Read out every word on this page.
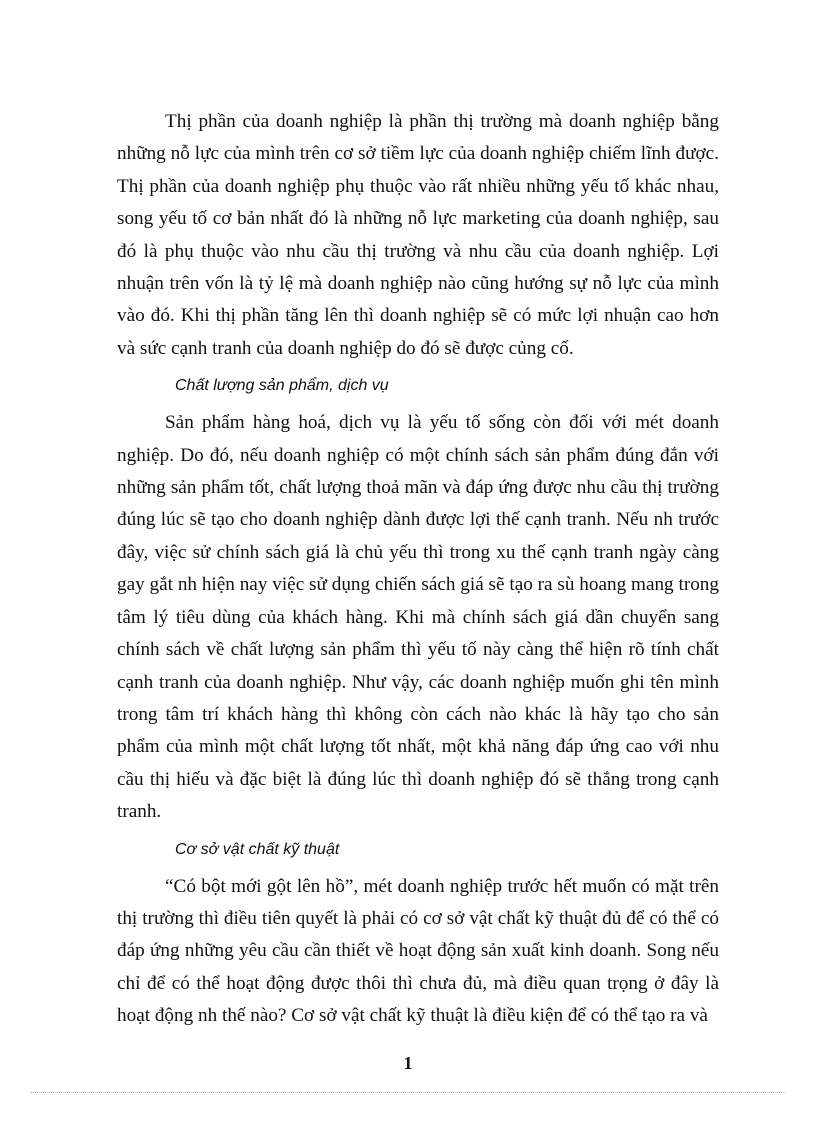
Thị phần của doanh nghiệp là phần thị trường mà doanh nghiệp bằng những nỗ lực của mình trên cơ sở tiềm lực của doanh nghiệp chiếm lĩnh được. Thị phần của doanh nghiệp phụ thuộc vào rất nhiều những yếu tố khác nhau, song yếu tố cơ bản nhất đó là những nỗ lực marketing của doanh nghiệp, sau đó là phụ thuộc vào nhu cầu thị trường và nhu cầu của doanh nghiệp. Lợi nhuận trên vốn là tỷ lệ mà doanh nghiệp nào cũng hướng sự nỗ lực của mình vào đó. Khi thị phần tăng lên thì doanh nghiệp sẽ có mức lợi nhuận cao hơn và sức cạnh tranh của doanh nghiệp do đó sẽ được củng cố.

Chất lượng sản phẩm, dịch vụ

Sản phẩm hàng hoá, dịch vụ là yếu tố sống còn đối với mét doanh nghiệp. Do đó, nếu doanh nghiệp có một chính sách sản phẩm đúng đắn với những sản phẩm tốt, chất lượng thoả mãn và đáp ứng được nhu cầu thị trường đúng lúc sẽ tạo cho doanh nghiệp dành được lợi thế cạnh tranh. Nếu nh trước đây, việc sử chính sách giá là chủ yếu thì trong xu thế cạnh tranh ngày càng gay gắt nh hiện nay việc sử dụng chiến sách giá sẽ tạo ra sù hoang mang trong tâm lý tiêu dùng của khách hàng. Khi mà chính sách giá dần chuyển sang chính sách về chất lượng sản phẩm thì yếu tố này càng thể hiện rõ tính chất cạnh tranh của doanh nghiệp. Như vậy, các doanh nghiệp muốn ghi tên mình trong tâm trí khách hàng thì không còn cách nào khác là hãy tạo cho sản phẩm của mình một chất lượng tốt nhất, một khả năng đáp ứng cao với nhu cầu thị hiếu và đặc biệt là đúng lúc thì doanh nghiệp đó sẽ thắng trong cạnh tranh.

Cơ sở vật chất kỹ thuật

“Có bột mới gột lên hồ”, mét doanh nghiệp trước hết muốn có mặt trên thị trường thì điều tiên quyết là phải có cơ sở vật chất kỹ thuật đủ để có thể có đáp ứng những yêu cầu cần thiết về hoạt động sản xuất kinh doanh. Song nếu chỉ để có thể hoạt động được thôi thì chưa đủ, mà điều quan trọng ở đây là hoạt động nh thế nào? Cơ sở vật chất kỹ thuật là điều kiện để có thể tạo ra và

1
